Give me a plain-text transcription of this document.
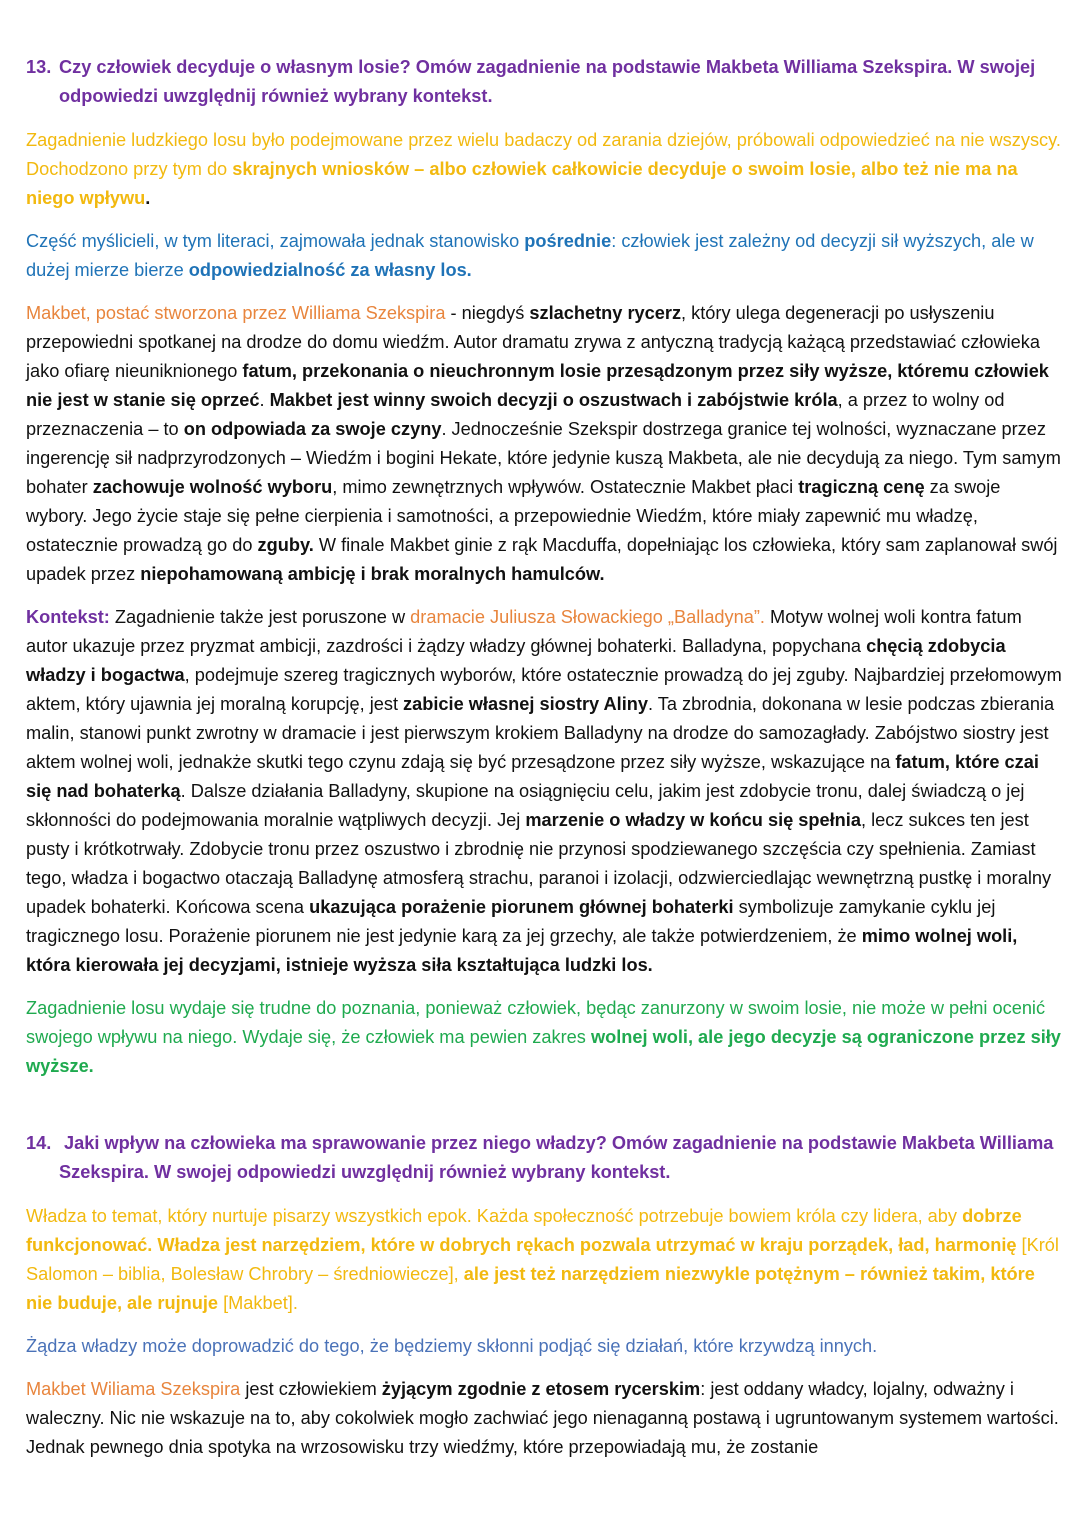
13. Czy człowiek decyduje o własnym losie? Omów zagadnienie na podstawie Makbeta Williama Szekspira. W swojej odpowiedzi uwzględnij również wybrany kontekst.

Zagadnienie ludzkiego losu było podejmowane przez wielu badaczy od zarania dziejów, próbowali odpowiedzieć na nie wszyscy. Dochodzono przy tym do skrajnych wniosków – albo człowiek całkowicie decyduje o swoim losie, albo też nie ma na niego wpływu.

Część myślicieli, w tym literaci, zajmowała jednak stanowisko pośrednie: człowiek jest zależny od decyzji sił wyższych, ale w dużej mierze bierze odpowiedzialność za własny los.

Makbet, postać stworzona przez Williama Szekspira - niegdyś szlachetny rycerz, który ulega degeneracji po usłyszeniu przepowiedni spotkanej na drodze do domu wiedźm. Autor dramatu zrywa z antyczną tradycją każącą przedstawiać człowieka jako ofiarę nieuniknionego fatum, przekonania o nieuchronnym losie przesądzonym przez siły wyższe, któremu człowiek nie jest w stanie się oprzeć. Makbet jest winny swoich decyzji o oszustwach i zabójstwie króla, a przez to wolny od przeznaczenia – to on odpowiada za swoje czyny. Jednocześnie Szekspir dostrzega granice tej wolności, wyznaczane przez ingerencję sił nadprzyrodzonych – Wiedźm i bogini Hekate, które jedynie kuszą Makbeta, ale nie decydują za niego. Tym samym bohater zachowuje wolność wyboru, mimo zewnętrznych wpływów. Ostatecznie Makbet płaci tragiczną cenę za swoje wybory. Jego życie staje się pełne cierpienia i samotności, a przepowiednie Wiedźm, które miały zapewnić mu władzę, ostatecznie prowadzą go do zguby. W finale Makbet ginie z rąk Macduffa, dopełniając los człowieka, który sam zaplanował swój upadek przez niepohamowaną ambicję i brak moralnych hamulców.

Kontekst: Zagadnienie także jest poruszone w dramacie Juliusza Słowackiego „Balladyna”. Motyw wolnej woli kontra fatum autor ukazuje przez pryzmat ambicji, zazdrości i żądzy władzy głównej bohaterki. Balladyna, popychana chęcią zdobycia władzy i bogactwa, podejmuje szereg tragicznych wyborów, które ostatecznie prowadzą do jej zguby. Najbardziej przełomowym aktem, który ujawnia jej moralną korupcję, jest zabicie własnej siostry Aliny. Ta zbrodnia, dokonana w lesie podczas zbierania malin, stanowi punkt zwrotny w dramacie i jest pierwszym krokiem Balladyny na drodze do samozagłady. Zabójstwo siostry jest aktem wolnej woli, jednakże skutki tego czynu zdają się być przesądzone przez siły wyższe, wskazujące na fatum, które czai się nad bohaterką. Dalsze działania Balladyny, skupione na osiągnięciu celu, jakim jest zdobycie tronu, dalej świadczą o jej skłonności do podejmowania moralnie wątpliwych decyzji. Jej marzenie o władzy w końcu się spełnia, lecz sukces ten jest pusty i krótkotrwały. Zdobycie tronu przez oszustwo i zbrodnię nie przynosi spodziewanego szczęścia czy spełnienia. Zamiast tego, władza i bogactwo otaczają Balladynę atmosferą strachu, paranoi i izolacji, odzwierciedlając wewnętrzną pustkę i moralny upadek bohaterki. Końcowa scena ukazująca porażenie piorunem głównej bohaterki symbolizuje zamykanie cyklu jej tragicznego losu. Porażenie piorunem nie jest jedynie karą za jej grzechy, ale także potwierdzeniem, że mimo wolnej woli, która kierowała jej decyzjami, istnieje wyższa siła kształtująca ludzki los.

Zagadnienie losu wydaje się trudne do poznania, ponieważ człowiek, będąc zanurzony w swoim losie, nie może w pełni ocenić swojego wpływu na niego. Wydaje się, że człowiek ma pewien zakres wolnej woli, ale jego decyzje są ograniczone przez siły wyższe.

14. Jaki wpływ na człowieka ma sprawowanie przez niego władzy? Omów zagadnienie na podstawie Makbeta Williama Szekspira. W swojej odpowiedzi uwzględnij również wybrany kontekst.

Władza to temat, który nurtuje pisarzy wszystkich epok. Każda społeczność potrzebuje bowiem króla czy lidera, aby dobrze funkcjonować. Władza jest narzędziem, które w dobrych rękach pozwala utrzymać w kraju porządek, ład, harmonię [Król Salomon – biblia, Bolesław Chrobry – średniowiecze], ale jest też narzędziem niezwykle potężnym – również takim, które nie buduje, ale rujnuje [Makbet].

Żądza władzy może doprowadzić do tego, że będziemy skłonni podjąć się działań, które krzywdzą innych.

Makbet Wiliama Szekspira jest człowiekiem żyjącym zgodnie z etosem rycerskim: jest oddany władcy, lojalny, odważny i waleczny. Nic nie wskazuje na to, aby cokolwiek mogło zachwiać jego nienaganną postawą i ugruntowanym systemem wartości. Jednak pewnego dnia spotyka na wrzosowisku trzy wiedźmy, które przepowiadają mu, że zostanie
